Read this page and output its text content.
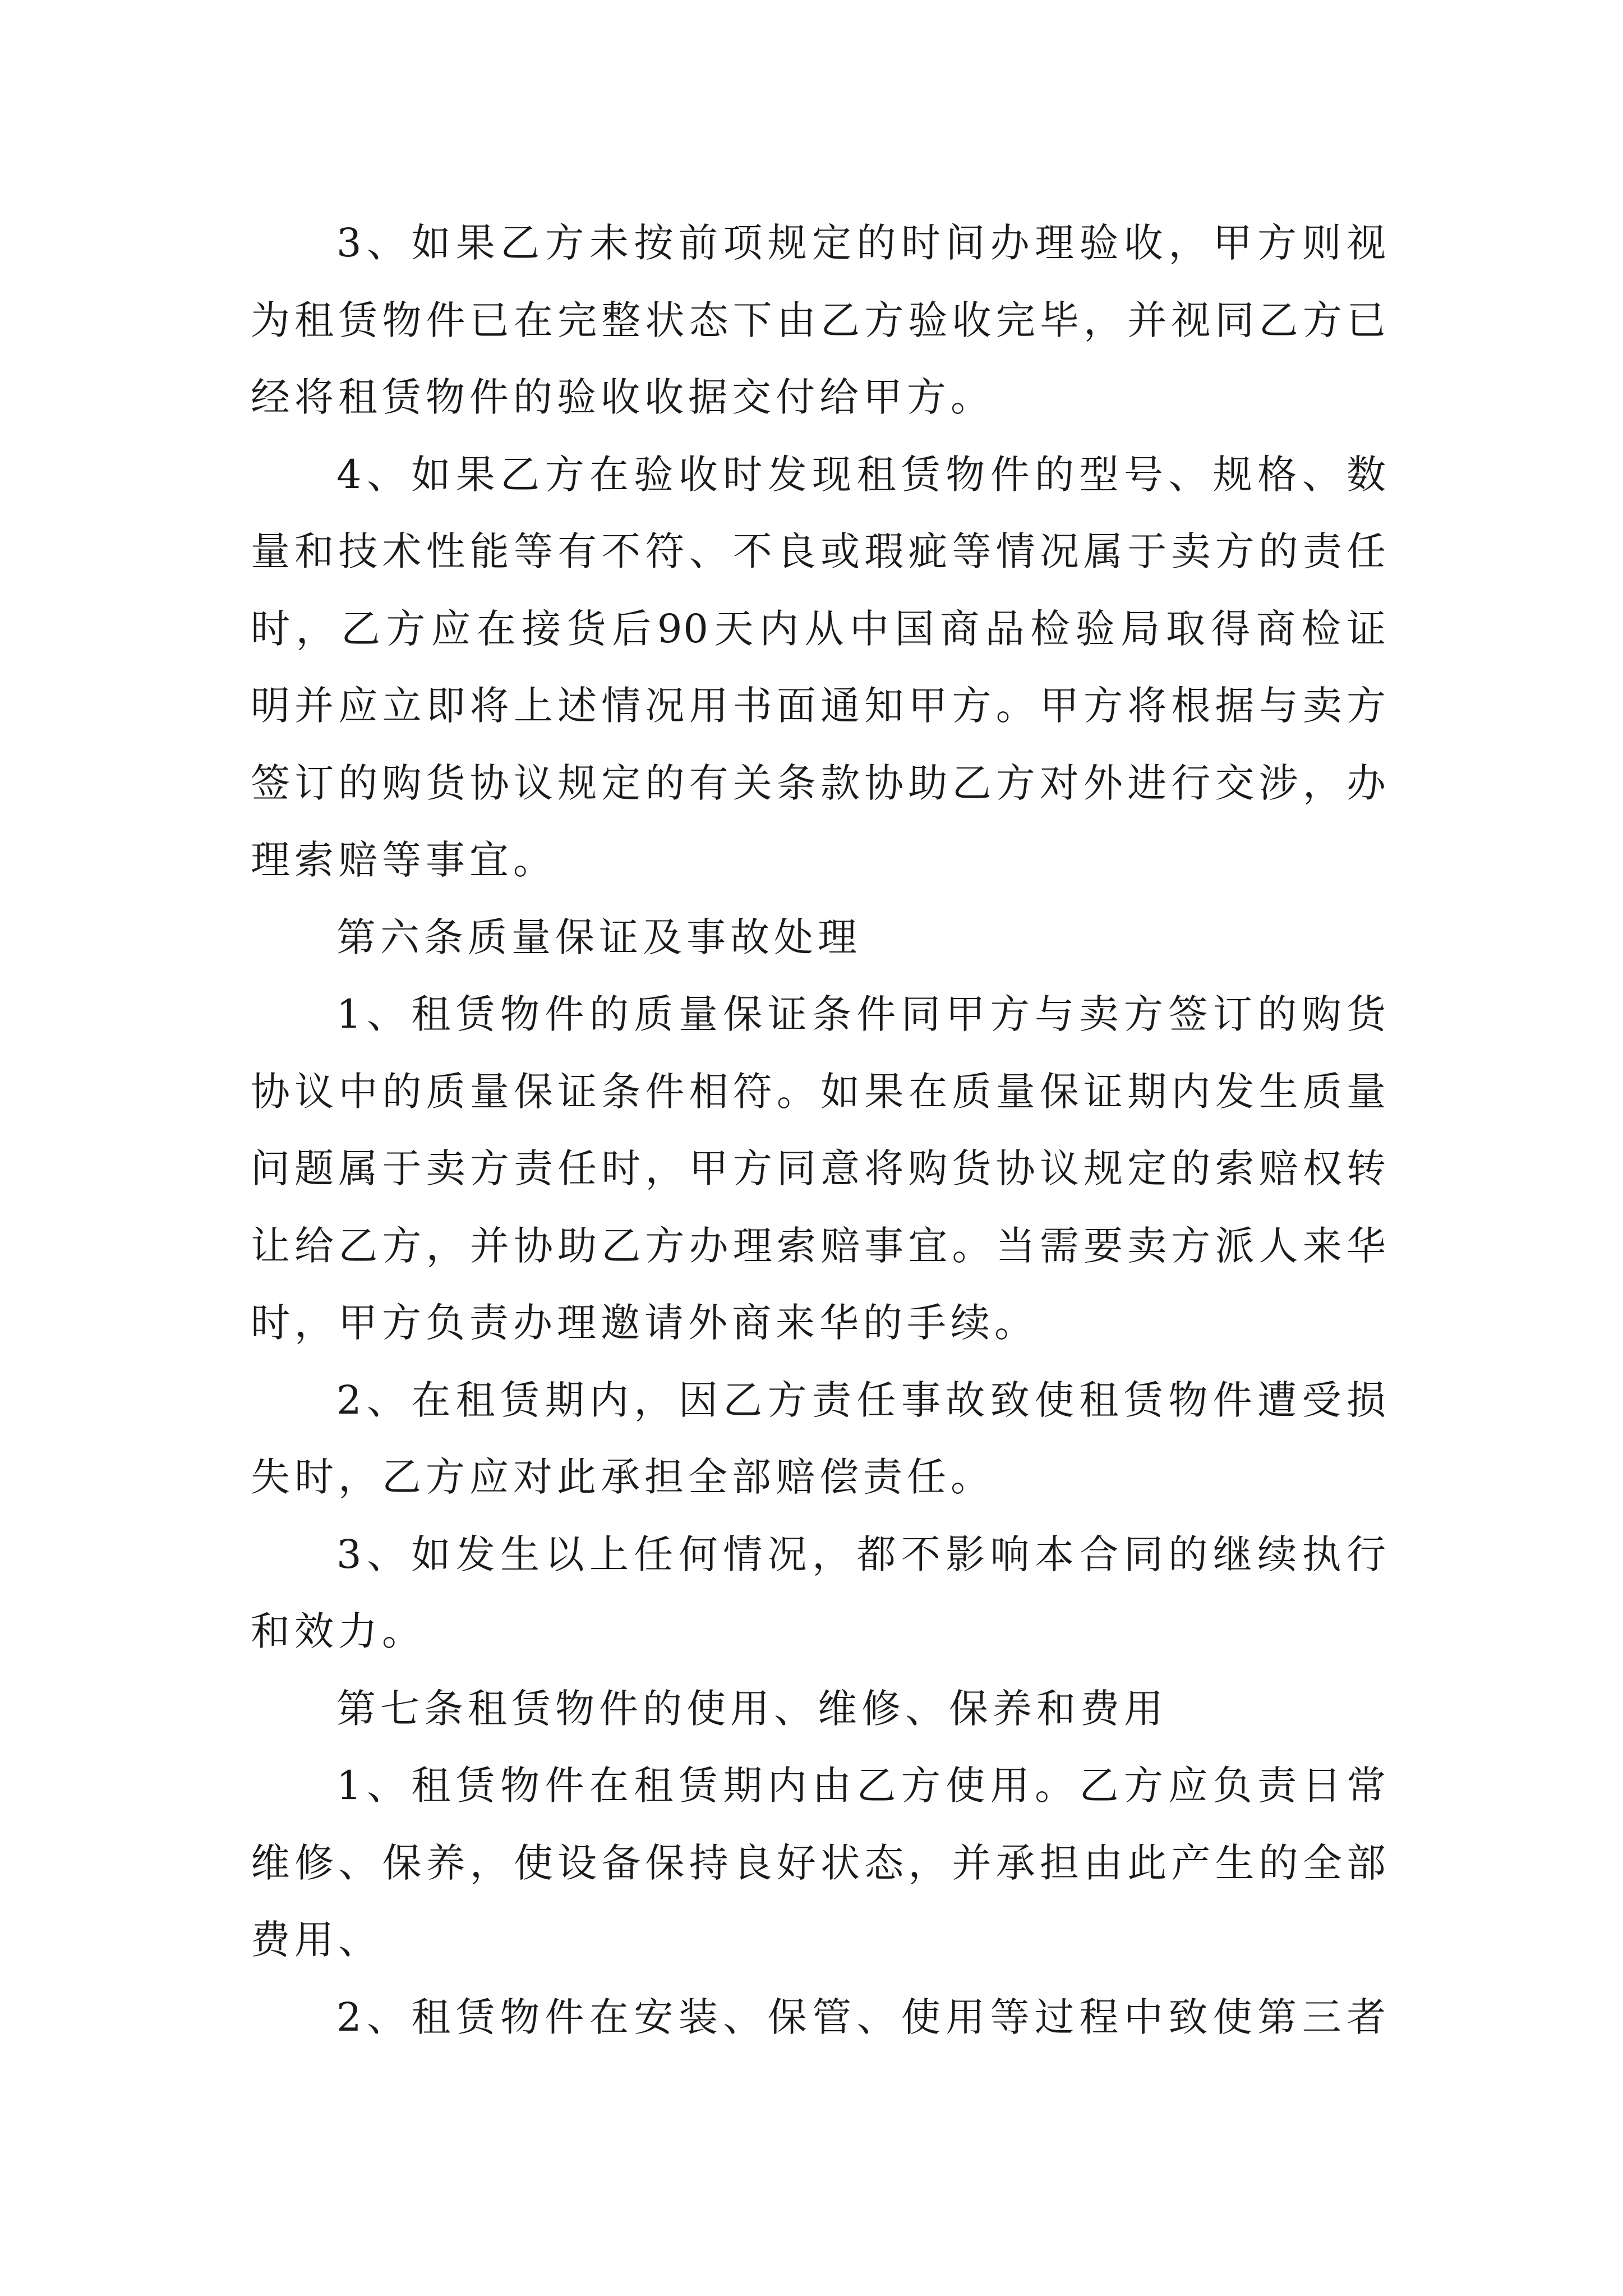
3、如果乙方未按前项规定的时间办理验收，甲方则视
为租赁物件已在完整状态下由乙方验收完毕，并视同乙方已
经将租赁物件的验收收据交付给甲方。
4、如果乙方在验收时发现租赁物件的型号、规格、数
量和技术性能等有不符、不良或瑕疵等情况属于卖方的责任
时，乙方应在接货后90天内从中国商品检验局取得商检证
明并应立即将上述情况用书面通知甲方。甲方将根据与卖方
签订的购货协议规定的有关条款协助乙方对外进行交涉，办
理索赔等事宜。
第六条质量保证及事故处理
1、租赁物件的质量保证条件同甲方与卖方签订的购货
协议中的质量保证条件相符。如果在质量保证期内发生质量
问题属于卖方责任时，甲方同意将购货协议规定的索赔权转
让给乙方，并协助乙方办理索赔事宜。当需要卖方派人来华
时，甲方负责办理邀请外商来华的手续。
2、在租赁期内，因乙方责任事故致使租赁物件遭受损
失时，乙方应对此承担全部赔偿责任。
3、如发生以上任何情况，都不影响本合同的继续执行
和效力。
第七条租赁物件的使用、维修、保养和费用
1、租赁物件在租赁期内由乙方使用。乙方应负责日常
维修、保养，使设备保持良好状态，并承担由此产生的全部
费用、
2、租赁物件在安装、保管、使用等过程中致使第三者
